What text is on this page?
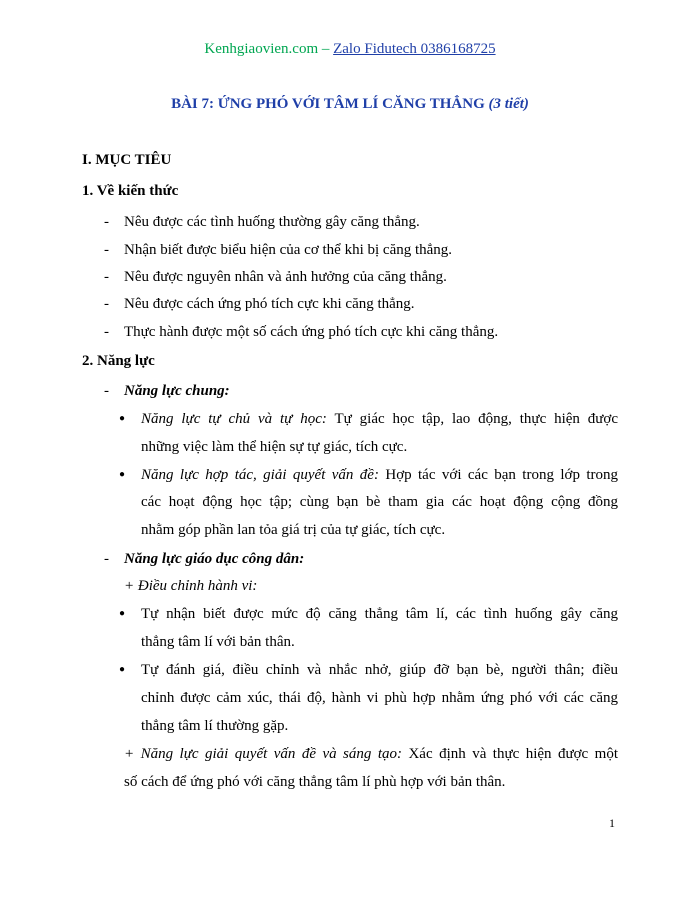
Kenhgiaovien.com – Zalo Fidutech 0386168725
BÀI 7: ỨNG PHÓ VỚI TÂM LÍ CĂNG THẲNG (3 tiết)
I. MỤC TIÊU
1. Về kiến thức
- Nêu được các tình huống thường gây căng thẳng.
- Nhận biết được biểu hiện của cơ thể khi bị căng thẳng.
- Nêu được nguyên nhân và ảnh hưởng của căng thẳng.
- Nêu được cách ứng phó tích cực khi căng thẳng.
- Thực hành được một số cách ứng phó tích cực khi căng thẳng.
2. Năng lực
- Năng lực chung:
● Năng lực tự chủ và tự học: Tự giác học tập, lao động, thực hiện được
những việc làm thể hiện sự tự giác, tích cực.
● Năng lực hợp tác, giải quyết vấn đề: Hợp tác với các bạn trong lớp trong
các hoạt động học tập; cùng bạn bè tham gia các hoạt động cộng đồng
nhằm góp phần lan tỏa giá trị của tự giác, tích cực.
- Năng lực giáo dục công dân:
+ Điều chỉnh hành vi:
● Tự nhận biết được mức độ căng thẳng tâm lí, các tình huống gây căng
thẳng tâm lí với bản thân.
● Tự đánh giá, điều chỉnh và nhắc nhở, giúp đỡ bạn bè, người thân; điều
chỉnh được cảm xúc, thái độ, hành vi phù hợp nhằm ứng phó với các căng
thẳng tâm lí thường gặp.
+ Năng lực giải quyết vấn đề và sáng tạo: Xác định và thực hiện được một
số cách để ứng phó với căng thẳng tâm lí phù hợp với bản thân.
1
